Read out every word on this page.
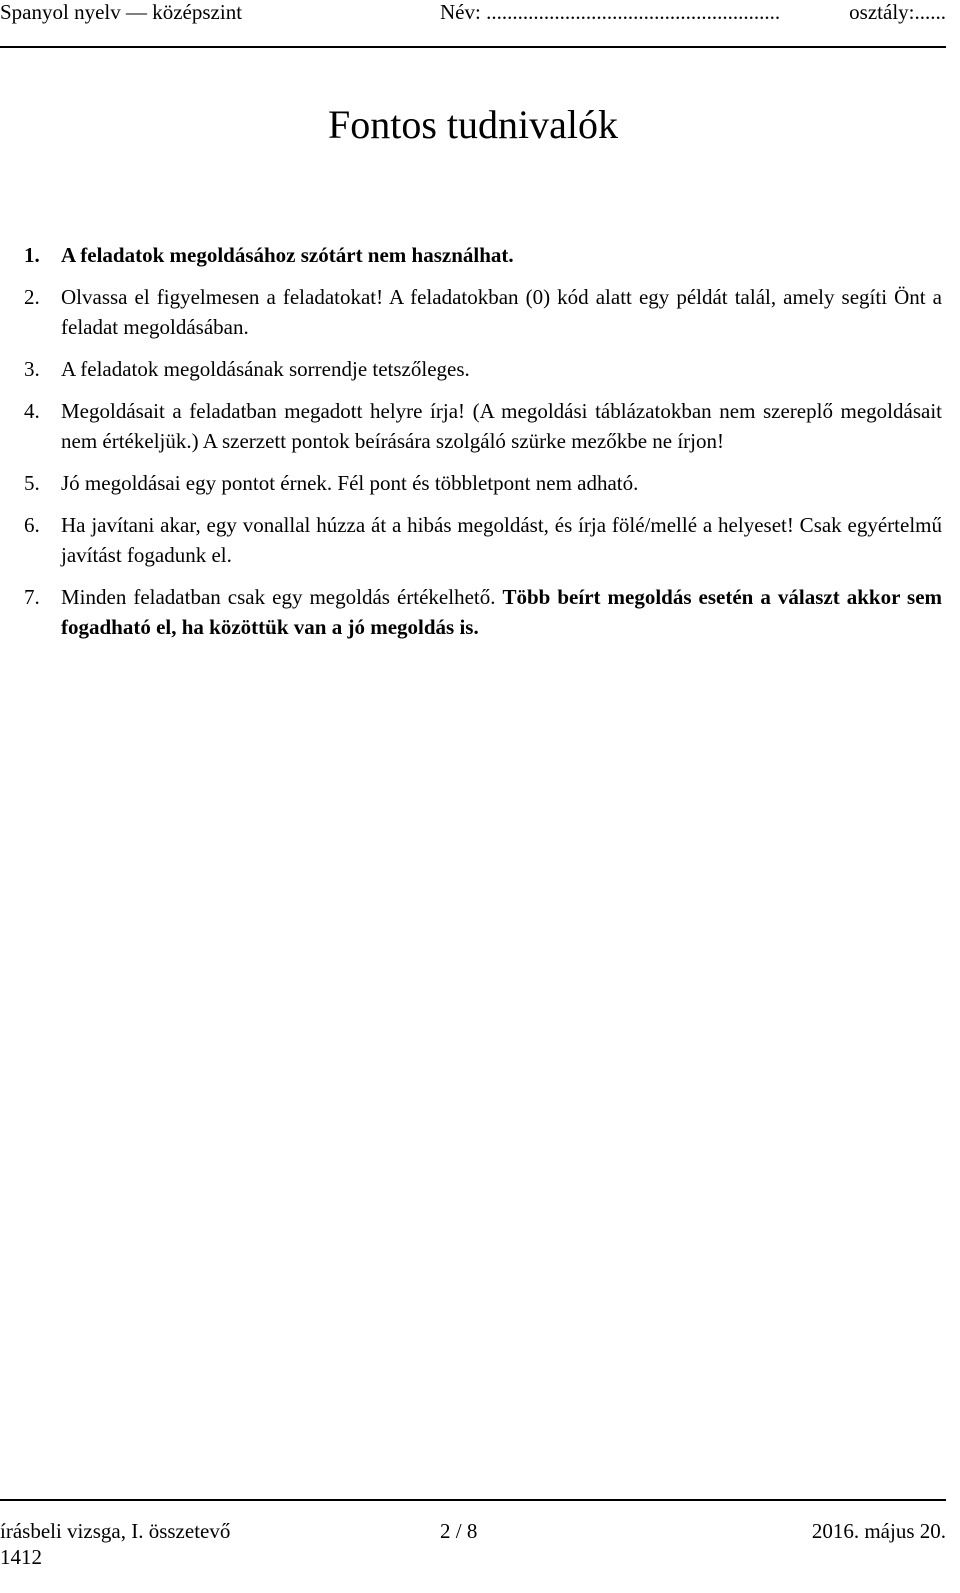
Spanyol nyelv — középszint	Név: ........................................................	osztály:......
Fontos tudnivalók
1. A feladatok megoldásához szótárt nem használhat.
2. Olvassa el figyelmesen a feladatokat! A feladatokban (0) kód alatt egy példát talál, amely segíti Önt a feladat megoldásában.
3. A feladatok megoldásának sorrendje tetszőleges.
4. Megoldásait a feladatban megadott helyre írja! (A megoldási táblázatokban nem szereplő megoldásait nem értékeljük.) A szerzett pontok beírására szolgáló szürke mezőkbe ne írjon!
5. Jó megoldásai egy pontot érnek. Fél pont és többletpont nem adható.
6. Ha javítani akar, egy vonallal húzza át a hibás megoldást, és írja fölé/mellé a helyeset! Csak egyértelmű javítást fogadunk el.
7. Minden feladatban csak egy megoldás értékelhető. Több beírt megoldás esetén a választ akkor sem fogadható el, ha közöttük van a jó megoldás is.
írásbeli vizsga, I. összetevő	2 / 8	2016. május 20.
1412
